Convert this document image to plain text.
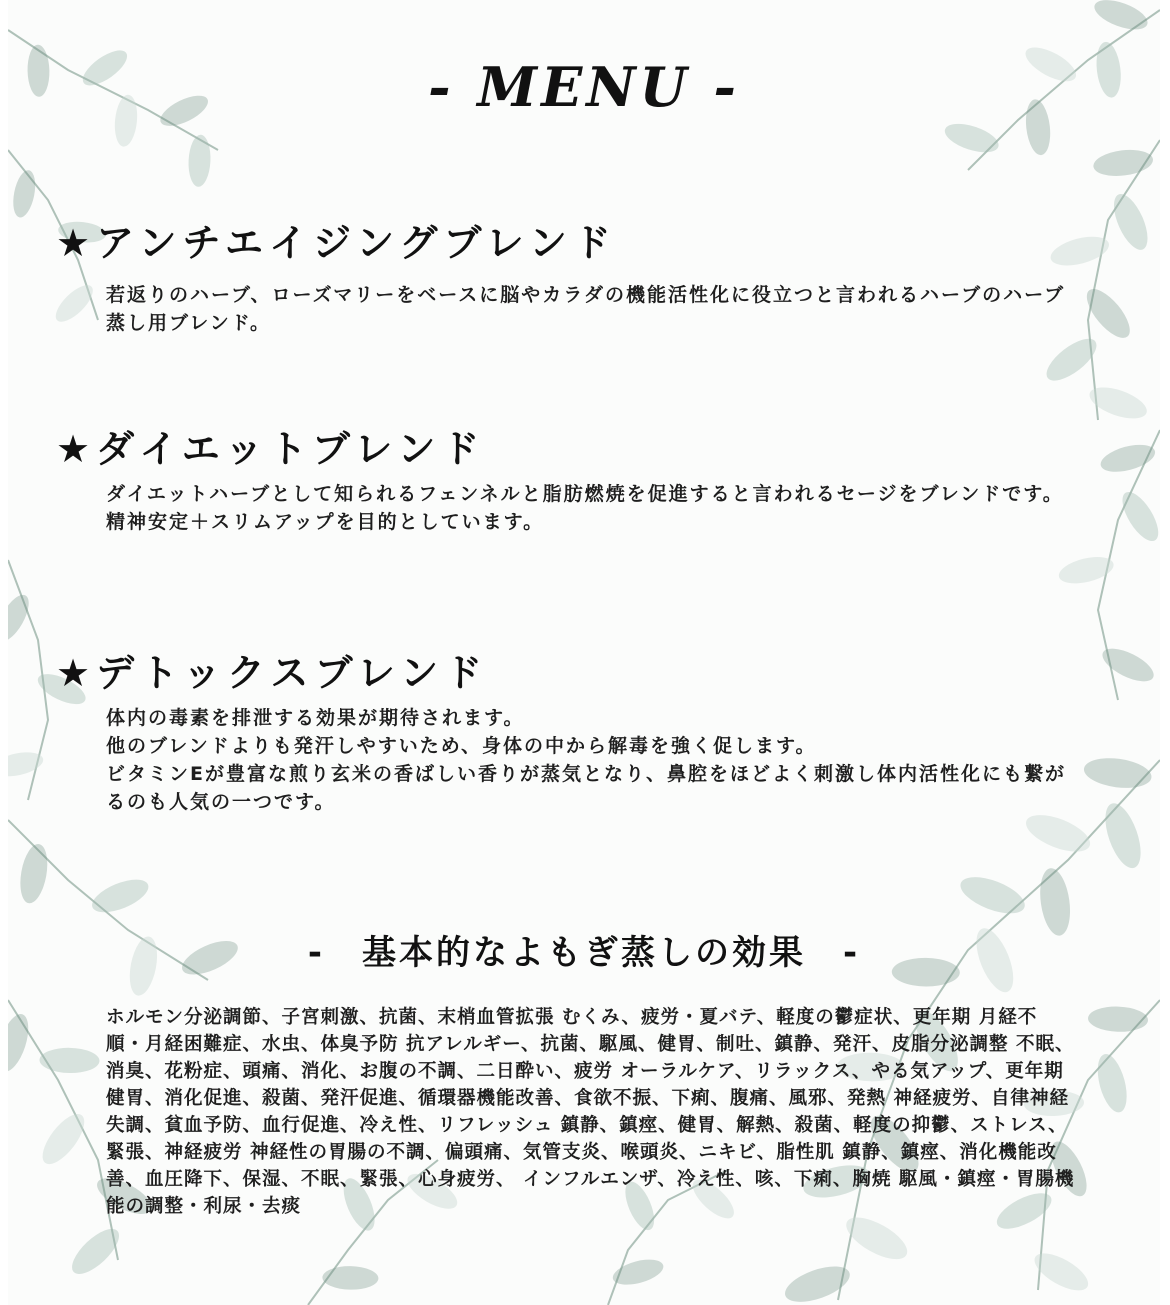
- MENU -
★アンチエイジングブレンド

若返りのハーブ、ローズマリーをベースに脳やカラダの機能活性化に役立つと言われるハーブのハーブ蒸し用ブレンド。

★ダイエットブレンド

ダイエットハーブとして知られるフェンネルと脂肪燃焼を促進すると言われるセージをブレンドです。

精神安定＋スリムアップを目的としています。

★デトックスブレンド

体内の毒素を排泄する効果が期待されます。

他のブレンドよりも発汗しやすいため、身体の中から解毒を強く促します。

ビタミンEが豊富な煎り玄米の香ばしい香りが蒸気となり、鼻腔をほどよく刺激し体内活性化にも繋がるのも人気の一つです。

-　基本的なよもぎ蒸しの効果　-

ホルモン分泌調節、子宮刺激、抗菌、末梢血管拡張 むくみ、疲労・夏バテ、軽度の鬱症状、更年期 月経不順・月経困難症、水虫、体臭予防 抗アレルギー、抗菌、駆風、健胃、制吐、鎮静、発汗、皮脂分泌調整 不眠、消臭、花粉症、頭痛、消化、お腹の不調、二日酔い、疲労 オーラルケア、リラックス、やる気アップ、更年期 健胃、消化促進、殺菌、発汗促進、循環器機能改善、食欲不振、下痢、腹痛、風邪、発熱 神経疲労、自律神経失調、貧血予防、血行促進、冷え性、リフレッシュ 鎮静、鎮痙、健胃、解熱、殺菌、軽度の抑鬱、ストレス、緊張、神経疲労 神経性の胃腸の不調、偏頭痛、気管支炎、喉頭炎、ニキビ、脂性肌 鎮静、鎮痙、消化機能改善、血圧降下、保湿、不眠、緊張、心身疲労、 インフルエンザ、冷え性、咳、下痢、胸焼 駆風・鎮痙・胃腸機能の調整・利尿・去痰
